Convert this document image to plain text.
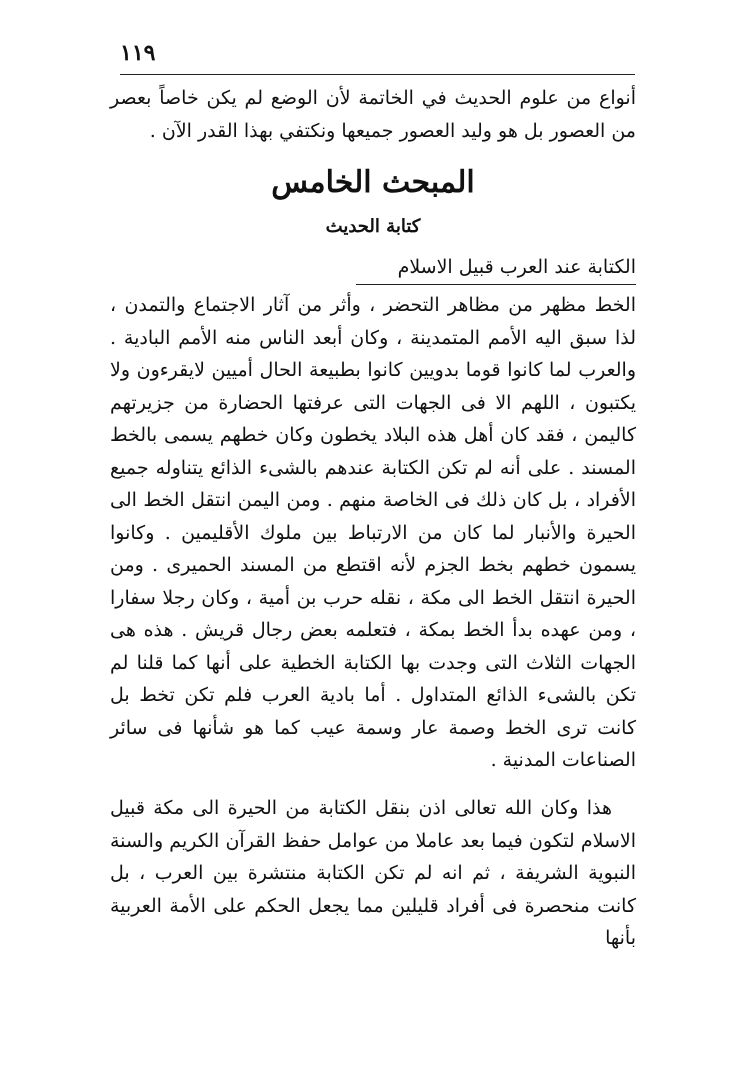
١١٩

أنواع من علوم الحديث في الخاتمة لأن الوضع لم يكن خاصاً بعصر من العصور بل هو وليد العصور جميعها ونكتفي بهذا القدر الآن .

المبحث الخامس
كتابة الحديث
الكتابة عند العرب قبيل الاسلام

الخط مظهر من مظاهر التحضر ، وأثر من آثار الاجتماع والتمدن ، لذا سبق اليه الأمم المتمدينة ، وكان أبعد الناس منه الأمم البادية . والعرب لما كانوا قوما بدويين كانوا بطبيعة الحال أميين لايقرءون ولا يكتبون ، اللهم الا فى الجهات التى عرفتها الحضارة من جزيرتهم كاليمن ، فقد كان أهل هذه البلاد يخطون وكان خطهم يسمى بالخط المسند . على أنه لم تكن الكتابة عندهم بالشىء الذائع يتناوله جميع الأفراد ، بل كان ذلك فى الخاصة منهم . ومن اليمن انتقل الخط الى الحيرة والأنبار لما كان من الارتباط بين ملوك الأقليمين . وكانوا يسمون خطهم بخط الجزم لأنه اقتطع من المسند الحميرى . ومن الحيرة انتقل الخط الى مكة ، نقله حرب بن أمية ، وكان رجلا سفارا ، ومن عهده بدأ الخط بمكة ، فتعلمه بعض رجال قريش . هذه هى الجهات الثلاث التى وجدت بها الكتابة الخطية على أنها كما قلنا لم تكن بالشىء الذائع المتداول . أما بادية العرب فلم تكن تخط بل كانت ترى الخط وصمة عار وسمة عيب كما هو شأنها فى سائر الصناعات المدنية .

هذا وكان الله تعالى اذن بنقل الكتابة من الحيرة الى مكة قبيل الاسلام لتكون فيما بعد عاملا من عوامل حفظ القرآن الكريم والسنة النبوية الشريفة ، ثم انه لم تكن الكتابة منتشرة بين العرب ، بل كانت منحصرة فى أفراد قليلين مما يجعل الحكم على الأمة العربية بأنها
